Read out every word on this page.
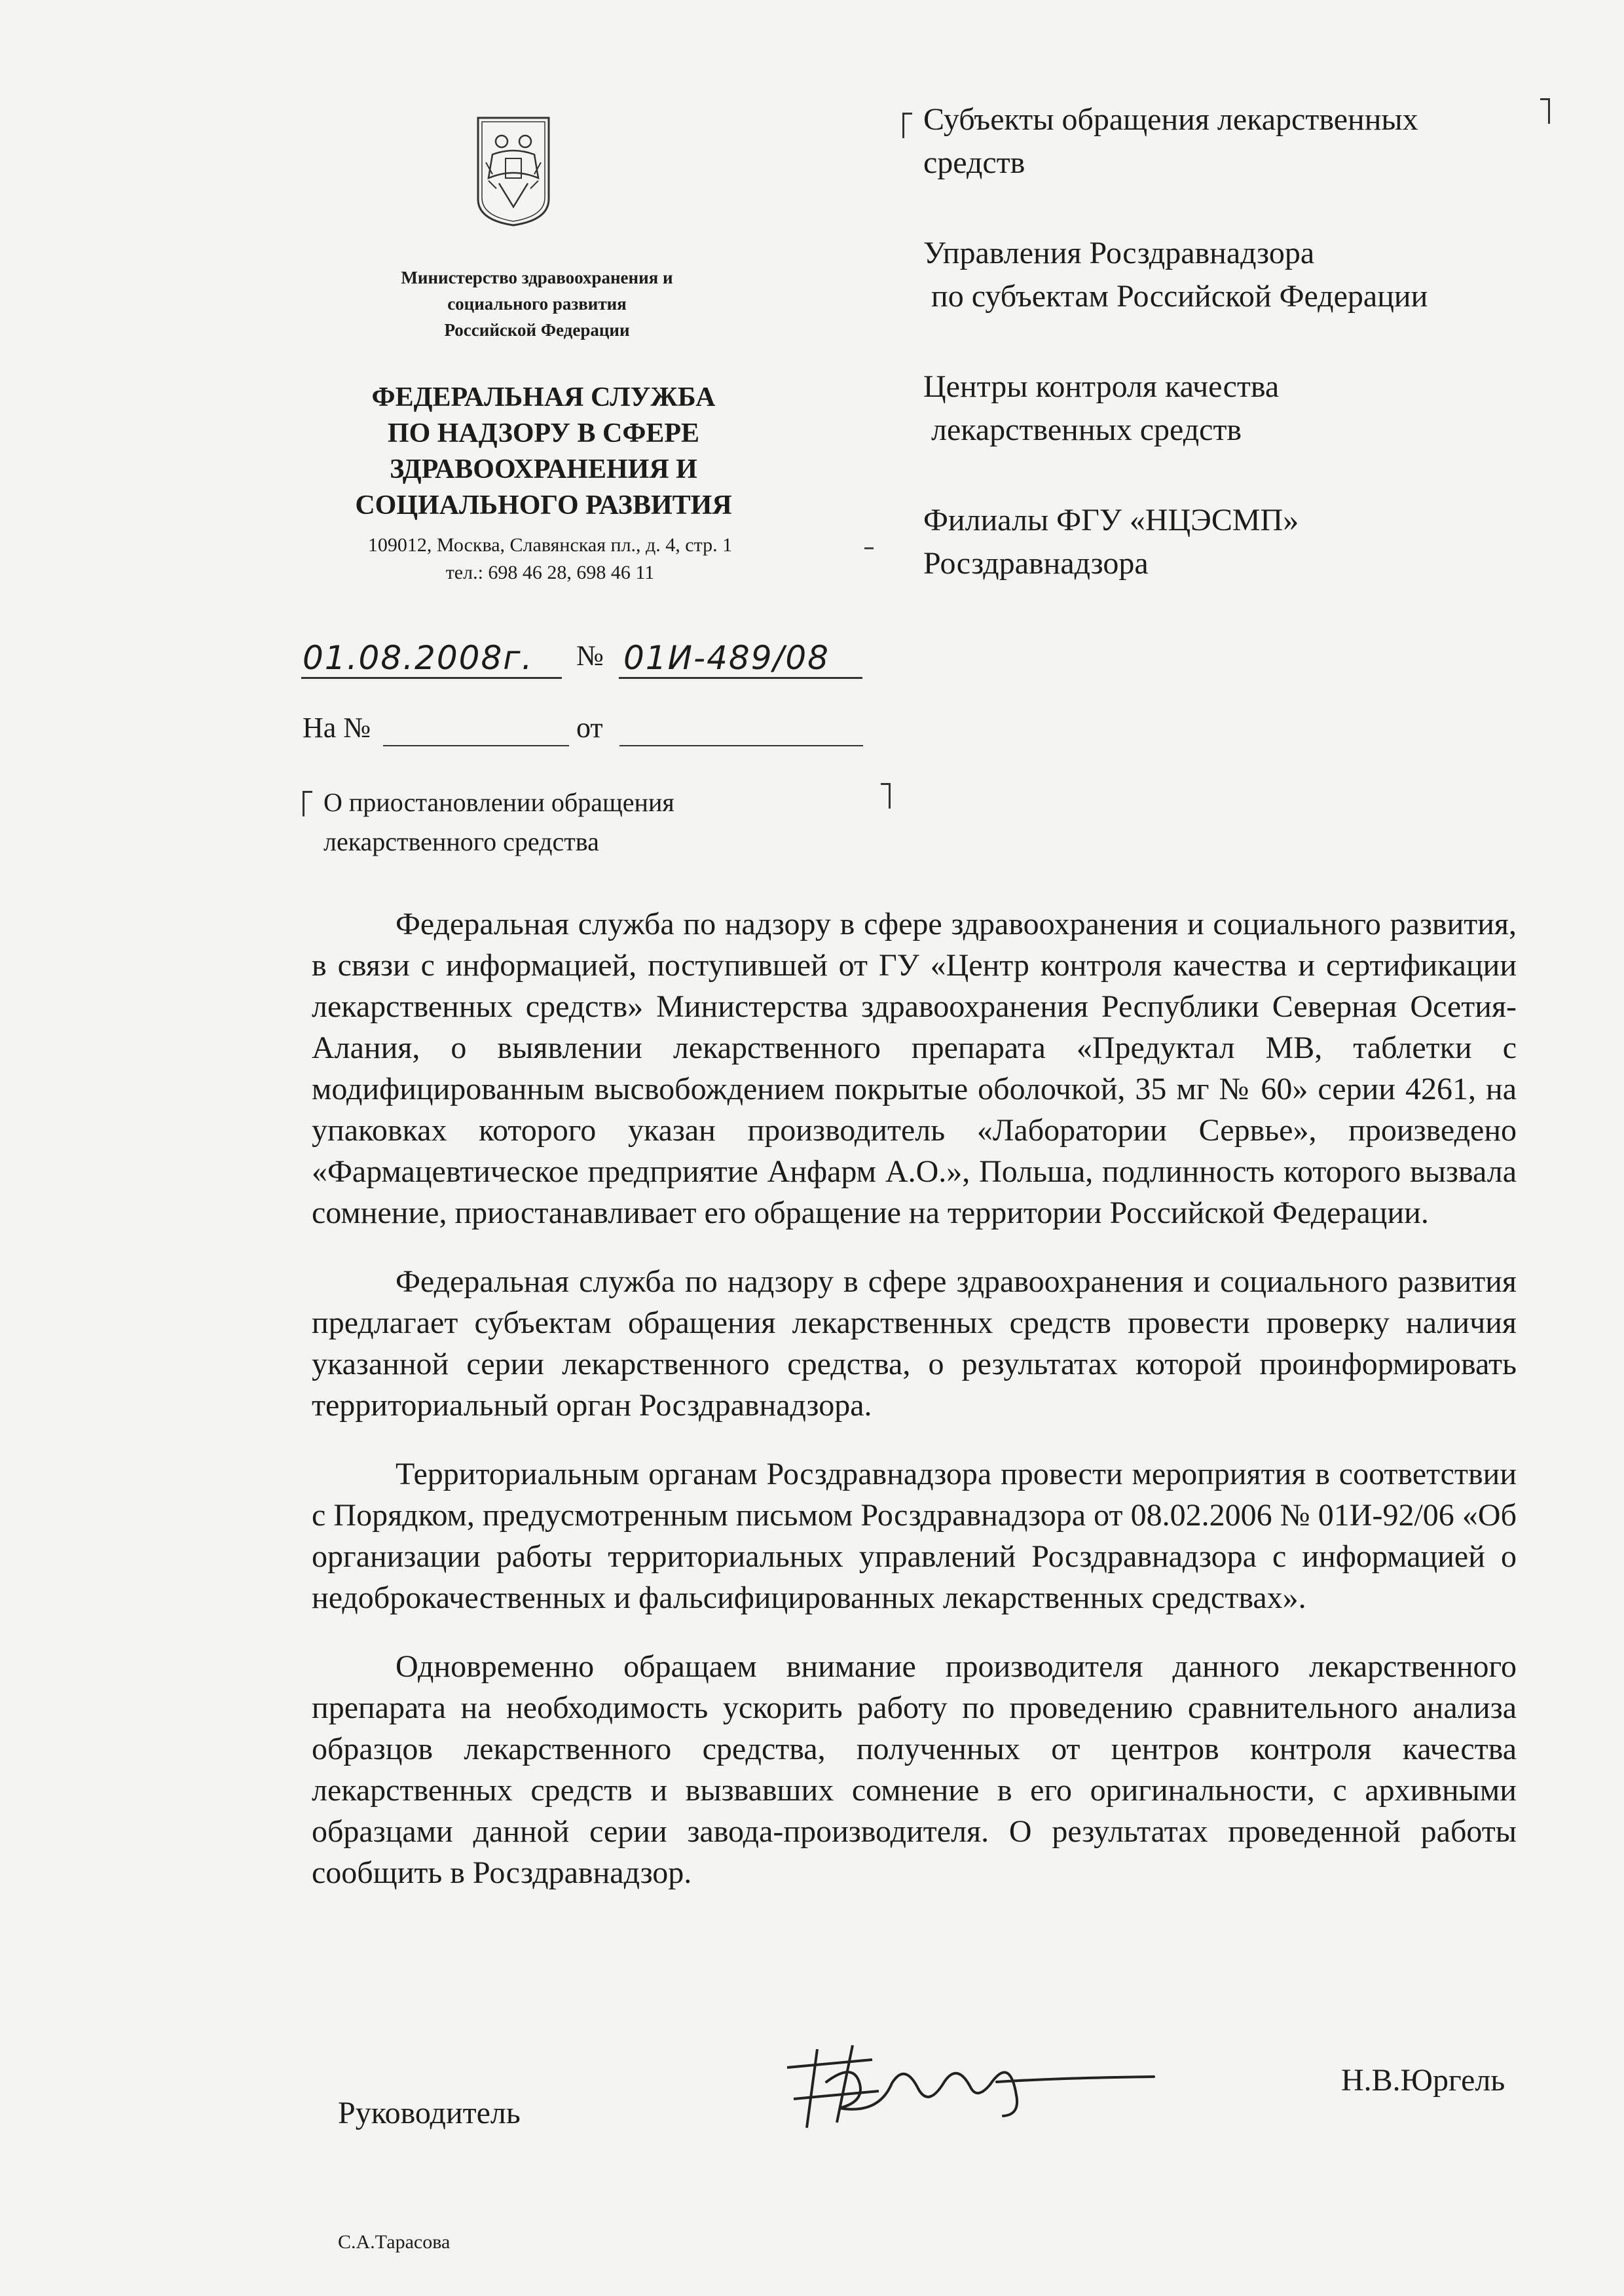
Министерство здравоохранения и
социального развития
Российской Федерации
ФЕДЕРАЛЬНАЯ СЛУЖБА
ПО НАДЗОРУ В СФЕРЕ
ЗДРАВООХРАНЕНИЯ И
СОЦИАЛЬНОГО РАЗВИТИЯ
109012, Москва, Славянская пл., д. 4, стр. 1
тел.: 698 46 28, 698 46 11
01.08.2008г. № 01И-489/08
На №	от
О приостановлении обращения
лекарственного средства
Субъекты обращения лекарственных
средств
Управления Росздравнадзора
по субъектам Российской Федерации
Центры контроля качества
лекарственных средств
Филиалы ФГУ «НЦЭСМП»
Росздравнадзора

Федеральная служба по надзору в сфере здравоохранения и социального развития, в связи с информацией, поступившей от ГУ «Центр контроля качества и сертификации лекарственных средств» Министерства здравоохранения Республики Северная Осетия-Алания, о выявлении лекарственного препарата «Предуктал МВ, таблетки с модифицированным высвобождением покрытые оболочкой, 35 мг № 60» серии 4261, на упаковках которого указан производитель «Лаборатории Сервье», произведено «Фармацевтическое предприятие Анфарм А.О.», Польша, подлинность которого вызвала сомнение, приостанавливает его обращение на территории Российской Федерации.

Федеральная служба по надзору в сфере здравоохранения и социального развития предлагает субъектам обращения лекарственных средств провести проверку наличия указанной серии лекарственного средства, о результатах которой проинформировать территориальный орган Росздравнадзора.

Территориальным органам Росздравнадзора провести мероприятия в соответствии с Порядком, предусмотренным письмом Росздравнадзора от 08.02.2006 № 01И-92/06 «Об организации работы территориальных управлений Росздравнадзора с информацией о недоброкачественных и фальсифицированных лекарственных средствах».

Одновременно обращаем внимание производителя данного лекарственного препарата на необходимость ускорить работу по проведению сравнительного анализа образцов лекарственного средства, полученных от центров контроля качества лекарственных средств и вызвавших сомнение в его оригинальности, с архивными образцами данной серии завода-производителя. О результатах проведенной работы сообщить в Росздравнадзор.

Руководитель
Н.В.Юргель
С.А.Тарасова
